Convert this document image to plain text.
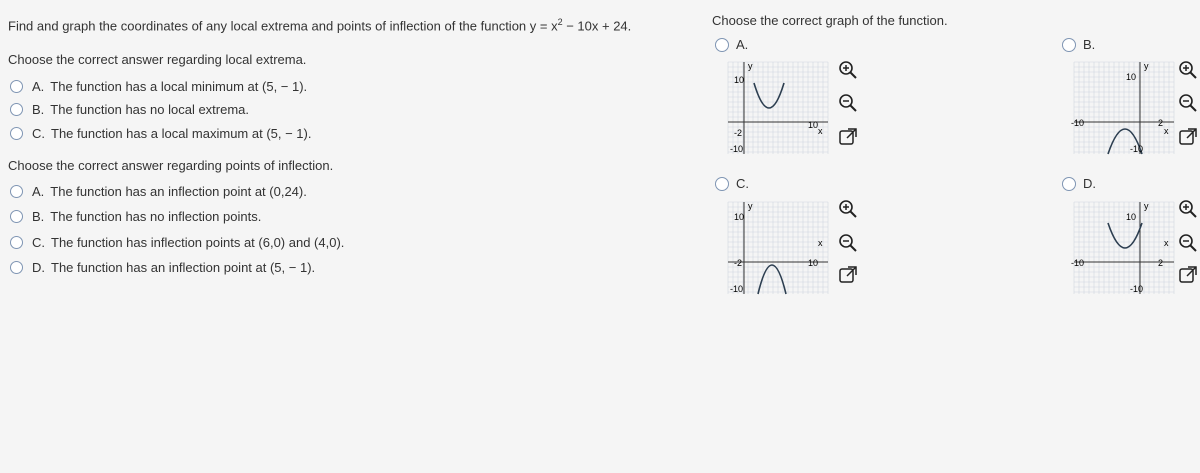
Find and graph the coordinates of any local extrema and points of inflection of the function $y = x^2 - 10x + 24$.
Choose the correct answer regarding local extrema.
A. The function has a local minimum at (5, − 1).
B. The function has no local extrema.
C. The function has a local maximum at (5, − 1).
Choose the correct answer regarding points of inflection.
A. The function has an inflection point at (0,24).
B. The function has no inflection points.
C. The function has inflection points at (6,0) and (4,0).
D. The function has an inflection point at (5, − 1).
Choose the correct graph of the function.
A.	B.
C.	D.
y
10
x
-2
10
-10
y
10
x
-10	2
-10
y
10
x
-2	10
-10
y
10
x
-10	2
-10
